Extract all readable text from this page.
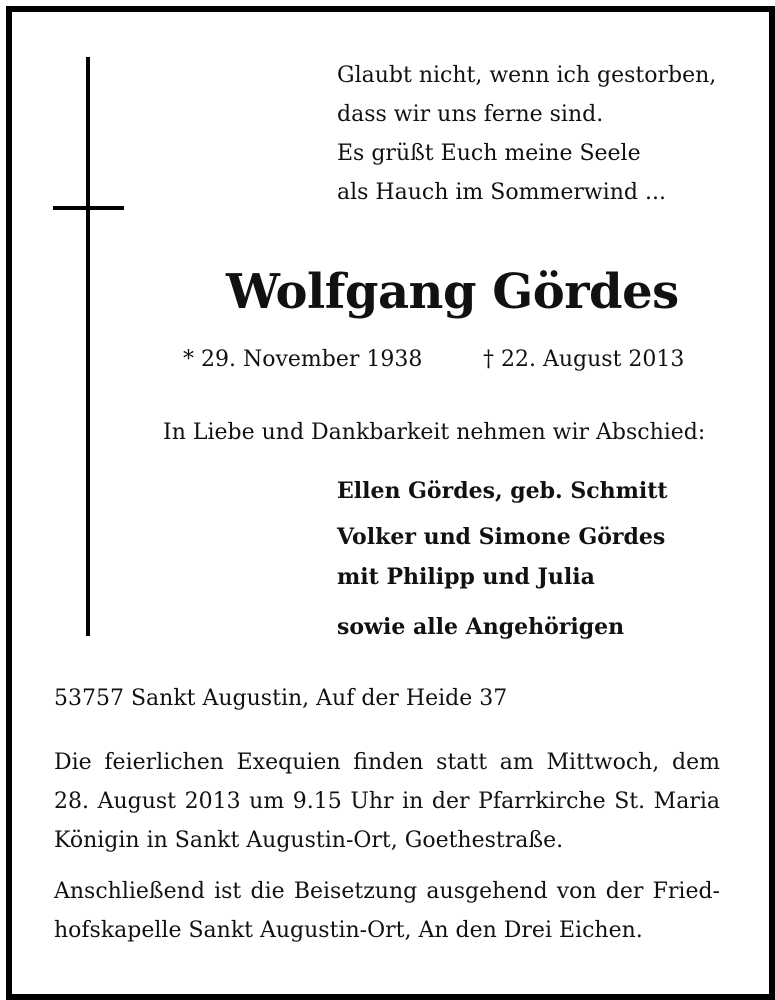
Glaubt nicht, wenn ich gestorben,
dass wir uns ferne sind.
Es grüßt Euch meine Seele
als Hauch im Sommerwind ...
Wolfgang Gördes
* 29. November 1938	† 22. August 2013
In Liebe und Dankbarkeit nehmen wir Abschied:
Ellen Gördes, geb. Schmitt
Volker und Simone Gördes
mit Philipp und Julia
sowie alle Angehörigen
53757 Sankt Augustin, Auf der Heide 37
Die feierlichen Exequien finden statt am Mittwoch, dem 28. August 2013 um 9.15 Uhr in der Pfarrkirche St. Maria Königin in Sankt Augustin-Ort, Goethestraße.
Anschließend ist die Beisetzung ausgehend von der Fried-hofskapelle Sankt Augustin-Ort, An den Drei Eichen.
